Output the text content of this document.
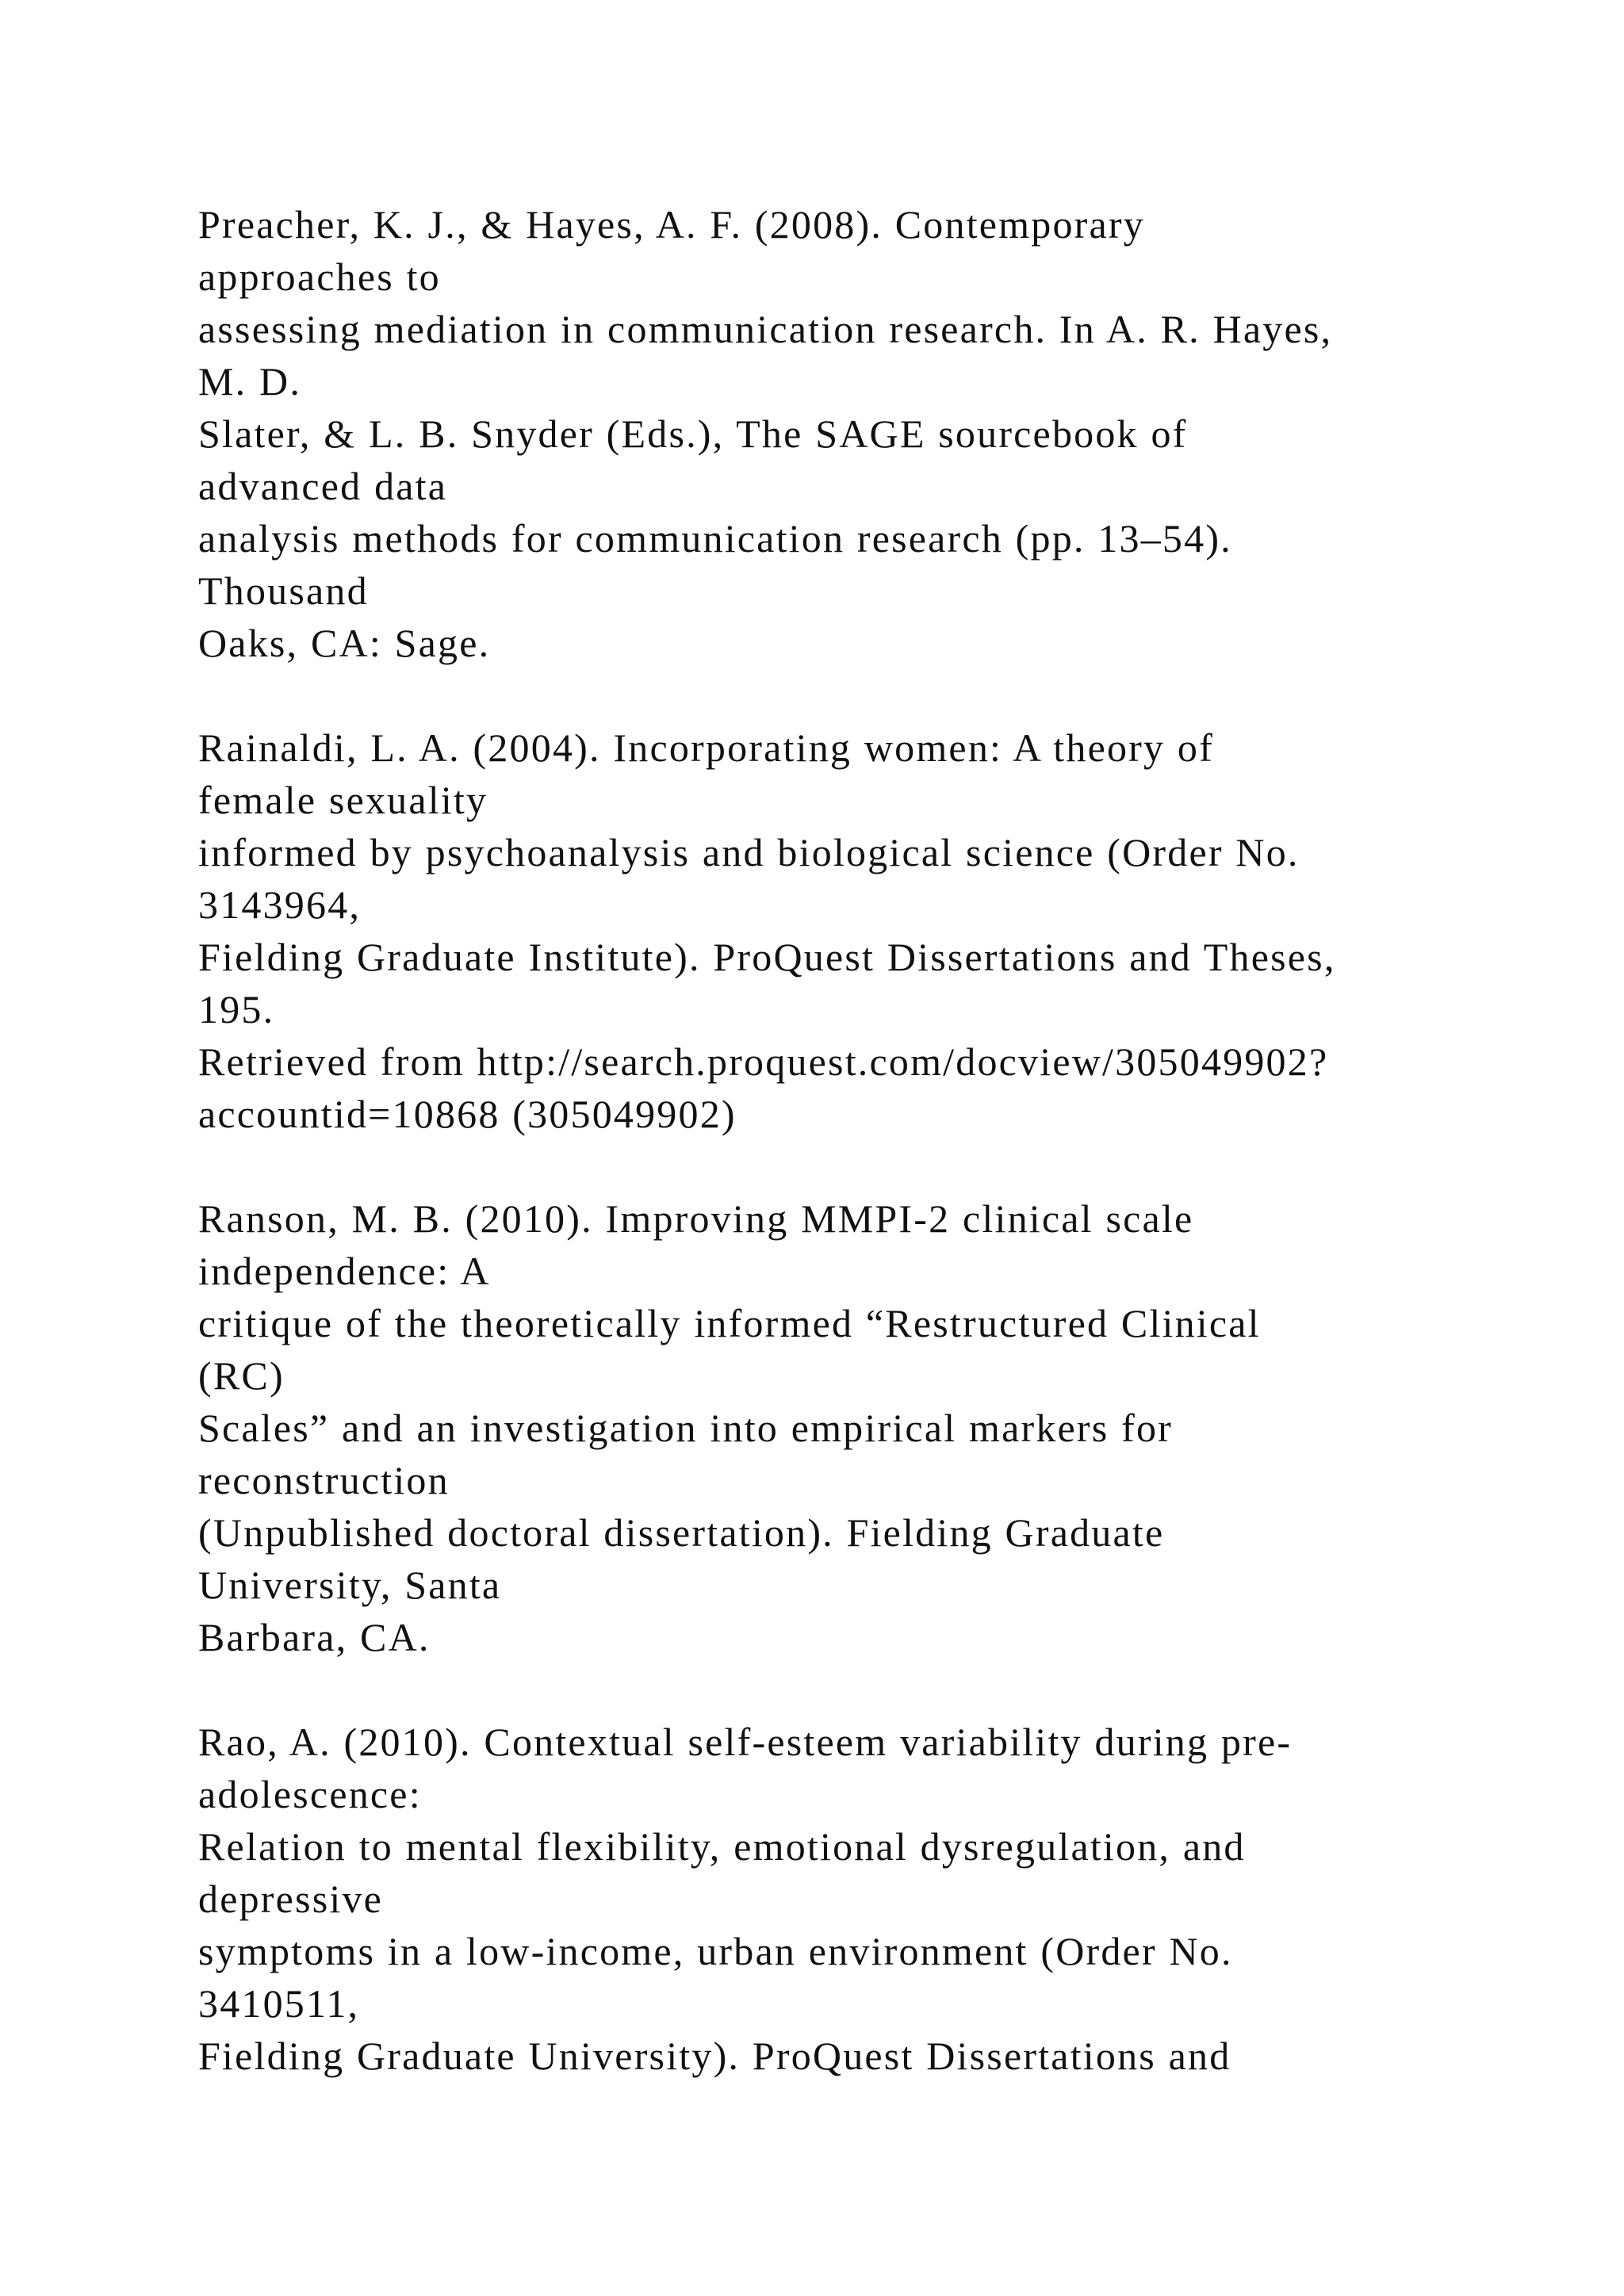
Preacher, K. J., & Hayes, A. F. (2008). Contemporary
approaches to
assessing mediation in communication research. In A. R. Hayes,
M. D.
Slater, & L. B. Snyder (Eds.), The SAGE sourcebook of
advanced data
analysis methods for communication research (pp. 13–54).
Thousand
Oaks, CA: Sage.
Rainaldi, L. A. (2004). Incorporating women: A theory of
female sexuality
informed by psychoanalysis and biological science (Order No.
3143964,
Fielding Graduate Institute). ProQuest Dissertations and Theses,
195.
Retrieved from http://search.proquest.com/docview/305049902?
accountid=10868 (305049902)
Ranson, M. B. (2010). Improving MMPI-2 clinical scale
independence: A
critique of the theoretically informed “Restructured Clinical
(RC)
Scales” and an investigation into empirical markers for
reconstruction
(Unpublished doctoral dissertation). Fielding Graduate
University, Santa
Barbara, CA.
Rao, A. (2010). Contextual self-esteem variability during pre-
adolescence:
Relation to mental flexibility, emotional dysregulation, and
depressive
symptoms in a low-income, urban environment (Order No.
3410511,
Fielding Graduate University). ProQuest Dissertations and
